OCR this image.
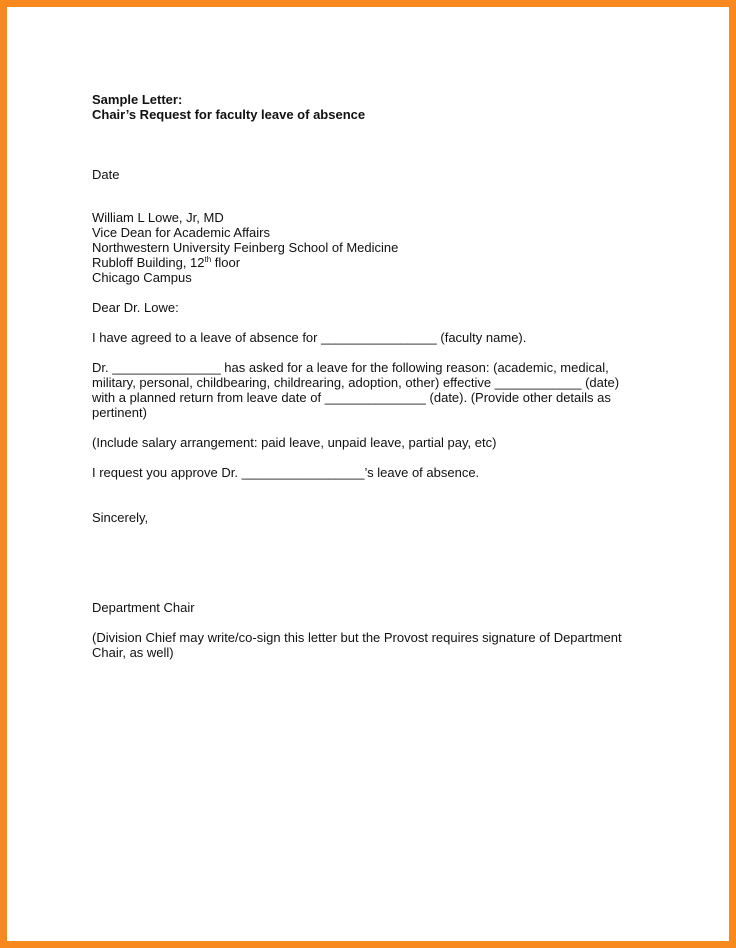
Sample Letter:

Chair’s Request for faculty leave of absence

Date

William L Lowe, Jr, MD
Vice Dean for Academic Affairs
Northwestern University Feinberg School of Medicine
Rubloff Building, 12th floor
Chicago Campus

Dear Dr. Lowe:

I have agreed to a leave of absence for ________________ (faculty name).

Dr. _______________ has asked for a leave for the following reason: (academic, medical,
military, personal, childbearing, childrearing, adoption, other) effective ____________ (date)
with a planned return from leave date of ______________ (date). (Provide other details as
pertinent)

(Include salary arrangement: paid leave, unpaid leave, partial pay, etc)

I request you approve Dr. _________________’s leave of absence.

Sincerely,

Department Chair

(Division Chief may write/co-sign this letter but the Provost requires signature of Department
Chair, as well)
